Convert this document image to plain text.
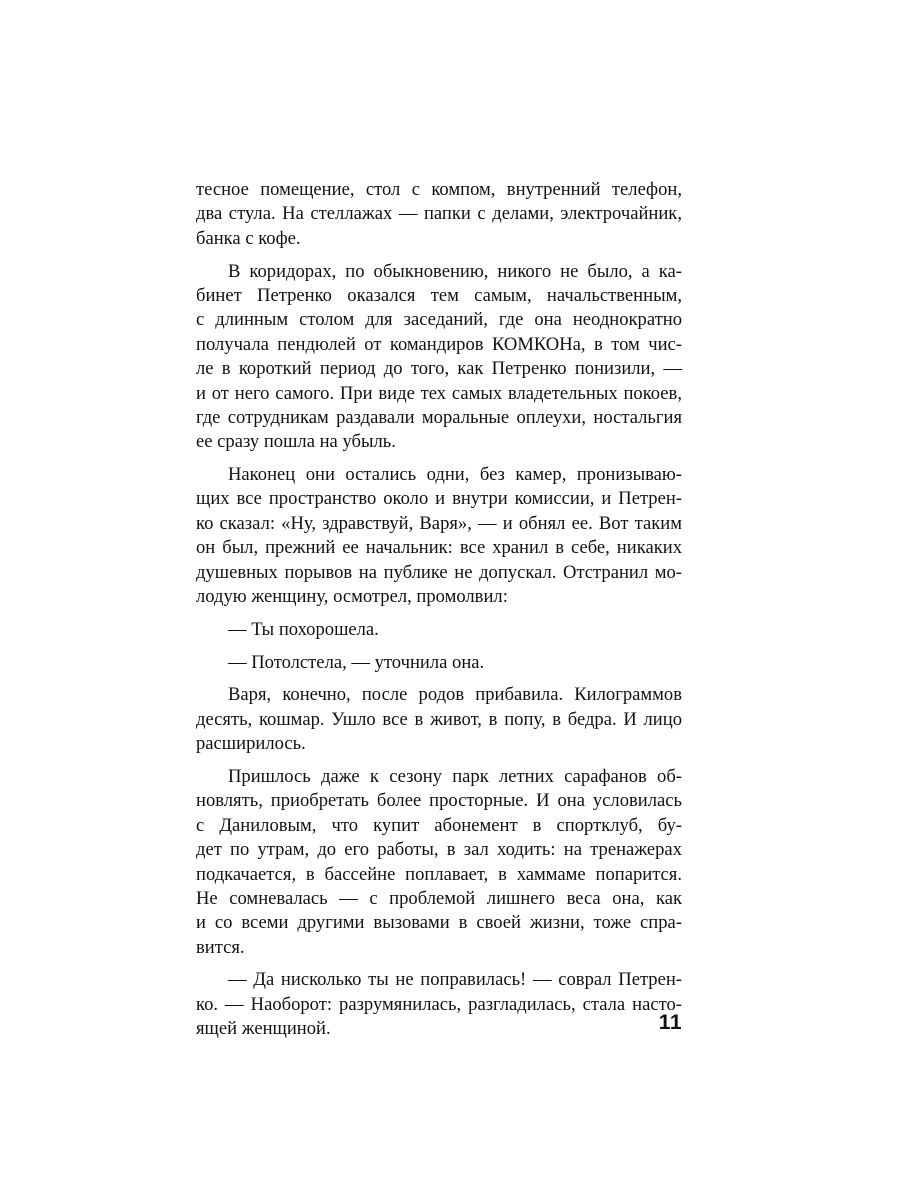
тесное помещение, стол с компом, внутренний телефон,
два стула. На стеллажах — папки с делами, электрочайник,
банка с кофе.
В коридорах, по обыкновению, никого не было, а ка-
бинет Петренко оказался тем самым, начальственным,
с длинным столом для заседаний, где она неоднократно
получала пендюлей от командиров КОМКОНа, в том чис-
ле в короткий период до того, как Петренко понизили, —
и от него самого. При виде тех самых владетельных покоев,
где сотрудникам раздавали моральные оплеухи, ностальгия
ее сразу пошла на убыль.
Наконец они остались одни, без камер, пронизываю-
щих все пространство около и внутри комиссии, и Петрен-
ко сказал: «Ну, здравствуй, Варя», — и обнял ее. Вот таким
он был, прежний ее начальник: все хранил в себе, никаких
душевных порывов на публике не допускал. Отстранил мо-
лодую женщину, осмотрел, промолвил:
— Ты похорошела.
— Потолстела, — уточнила она.
Варя, конечно, после родов прибавила. Килограммов
десять, кошмар. Ушло все в живот, в попу, в бедра. И лицо
расширилось.
Пришлось даже к сезону парк летних сарафанов об-
новлять, приобретать более просторные. И она условилась
с Даниловым, что купит абонемент в спортклуб, бу-
дет по утрам, до его работы, в зал ходить: на тренажерах
подкачается, в бассейне поплавает, в хаммаме попарится.
Не сомневалась — с проблемой лишнего веса она, как
и со всеми другими вызовами в своей жизни, тоже спра-
вится.
— Да нисколько ты не поправилась! — соврал Петрен-
ко. — Наоборот: разрумянилась, разгладилась, стала насто-
ящей женщиной.	11
